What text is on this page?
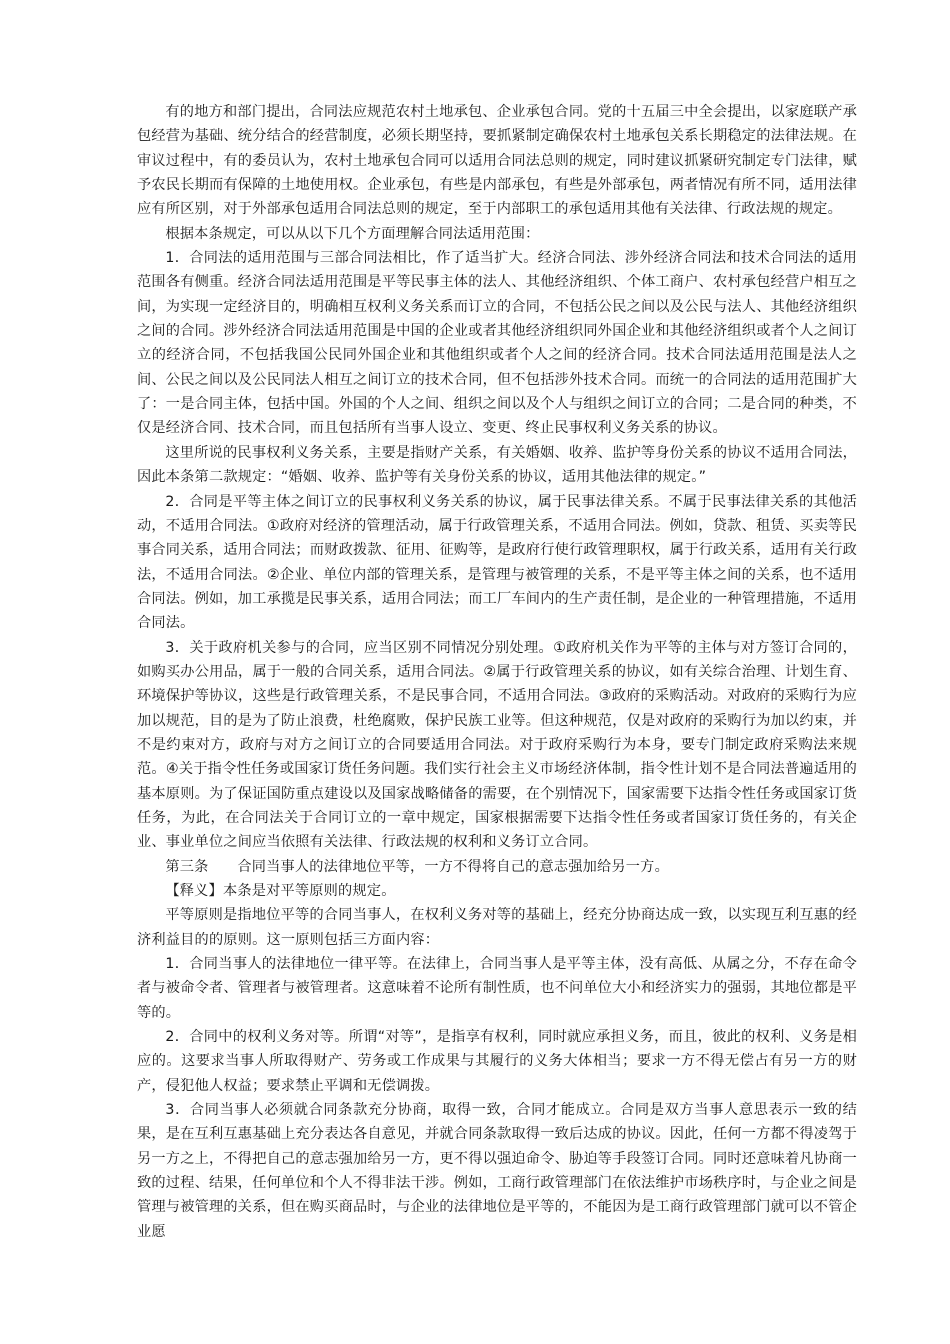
有的地方和部门提出，合同法应规范农村土地承包、企业承包合同。党的十五届三中全会提出，以家庭联产承包经营为基础、统分结合的经营制度，必须长期坚持，要抓紧制定确保农村土地承包关系长期稳定的法律法规。在审议过程中，有的委员认为，农村土地承包合同可以适用合同法总则的规定，同时建议抓紧研究制定专门法律，赋予农民长期而有保障的土地使用权。企业承包，有些是内部承包，有些是外部承包，两者情况有所不同，适用法律应有所区别，对于外部承包适用合同法总则的规定，至于内部职工的承包适用其他有关法律、行政法规的规定。

根据本条规定，可以从以下几个方面理解合同法适用范围：

1．合同法的适用范围与三部合同法相比，作了适当扩大。经济合同法、涉外经济合同法和技术合同法的适用范围各有侧重。经济合同法适用范围是平等民事主体的法人、其他经济组织、个体工商户、农村承包经营户相互之间，为实现一定经济目的，明确相互权利义务关系而订立的合同，不包括公民之间以及公民与法人、其他经济组织之间的合同。涉外经济合同法适用范围是中国的企业或者其他经济组织同外国企业和其他经济组织或者个人之间订立的经济合同，不包括我国公民同外国企业和其他组织或者个人之间的经济合同。技术合同法适用范围是法人之间、公民之间以及公民同法人相互之间订立的技术合同，但不包括涉外技术合同。而统一的合同法的适用范围扩大了：一是合同主体，包括中国。外国的个人之间、组织之间以及个人与组织之间订立的合同；二是合同的种类，不仅是经济合同、技术合同，而且包括所有当事人设立、变更、终止民事权利义务关系的协议。

这里所说的民事权利义务关系，主要是指财产关系，有关婚姻、收养、监护等身份关系的协议不适用合同法，因此本条第二款规定：“婚姻、收养、监护等有关身份关系的协议，适用其他法律的规定。”

2．合同是平等主体之间订立的民事权利义务关系的协议，属于民事法律关系。不属于民事法律关系的其他活动，不适用合同法。①政府对经济的管理活动，属于行政管理关系，不适用合同法。例如，贷款、租赁、买卖等民事合同关系，适用合同法；而财政拨款、征用、征购等，是政府行使行政管理职权，属于行政关系，适用有关行政法，不适用合同法。②企业、单位内部的管理关系，是管理与被管理的关系，不是平等主体之间的关系，也不适用合同法。例如，加工承揽是民事关系，适用合同法；而工厂车间内的生产责任制，是企业的一种管理措施，不适用合同法。

3．关于政府机关参与的合同，应当区别不同情况分别处理。①政府机关作为平等的主体与对方签订合同的，如购买办公用品，属于一般的合同关系，适用合同法。②属于行政管理关系的协议，如有关综合治理、计划生育、环境保护等协议，这些是行政管理关系，不是民事合同，不适用合同法。③政府的采购活动。对政府的采购行为应加以规范，目的是为了防止浪费，杜绝腐败，保护民族工业等。但这种规范，仅是对政府的采购行为加以约束，并不是约束对方，政府与对方之间订立的合同要适用合同法。对于政府采购行为本身，要专门制定政府采购法来规范。④关于指令性任务或国家订货任务问题。我们实行社会主义市场经济体制，指令性计划不是合同法普遍适用的基本原则。为了保证国防重点建设以及国家战略储备的需要，在个别情况下，国家需要下达指令性任务或国家订货任务，为此，在合同法关于合同订立的一章中规定，国家根据需要下达指令性任务或者国家订货任务的，有关企业、事业单位之间应当依照有关法律、行政法规的权利和义务订立合同。

第三条　　合同当事人的法律地位平等，一方不得将自己的意志强加给另一方。

【释义】本条是对平等原则的规定。

平等原则是指地位平等的合同当事人，在权利义务对等的基础上，经充分协商达成一致，以实现互利互惠的经济利益目的的原则。这一原则包括三方面内容：

1．合同当事人的法律地位一律平等。在法律上，合同当事人是平等主体，没有高低、从属之分，不存在命令者与被命令者、管理者与被管理者。这意味着不论所有制性质，也不问单位大小和经济实力的强弱，其地位都是平等的。

2．合同中的权利义务对等。所谓“对等”，是指享有权利，同时就应承担义务，而且，彼此的权利、义务是相应的。这要求当事人所取得财产、劳务或工作成果与其履行的义务大体相当；要求一方不得无偿占有另一方的财产，侵犯他人权益；要求禁止平调和无偿调拨。

3．合同当事人必须就合同条款充分协商，取得一致，合同才能成立。合同是双方当事人意思表示一致的结果，是在互利互惠基础上充分表达各自意见，并就合同条款取得一致后达成的协议。因此，任何一方都不得凌驾于另一方之上，不得把自己的意志强加给另一方，更不得以强迫命令、胁迫等手段签订合同。同时还意味着凡协商一致的过程、结果，任何单位和个人不得非法干涉。例如，工商行政管理部门在依法维护市场秩序时，与企业之间是管理与被管理的关系，但在购买商品时，与企业的法律地位是平等的，不能因为是工商行政管理部门就可以不管企业愿
